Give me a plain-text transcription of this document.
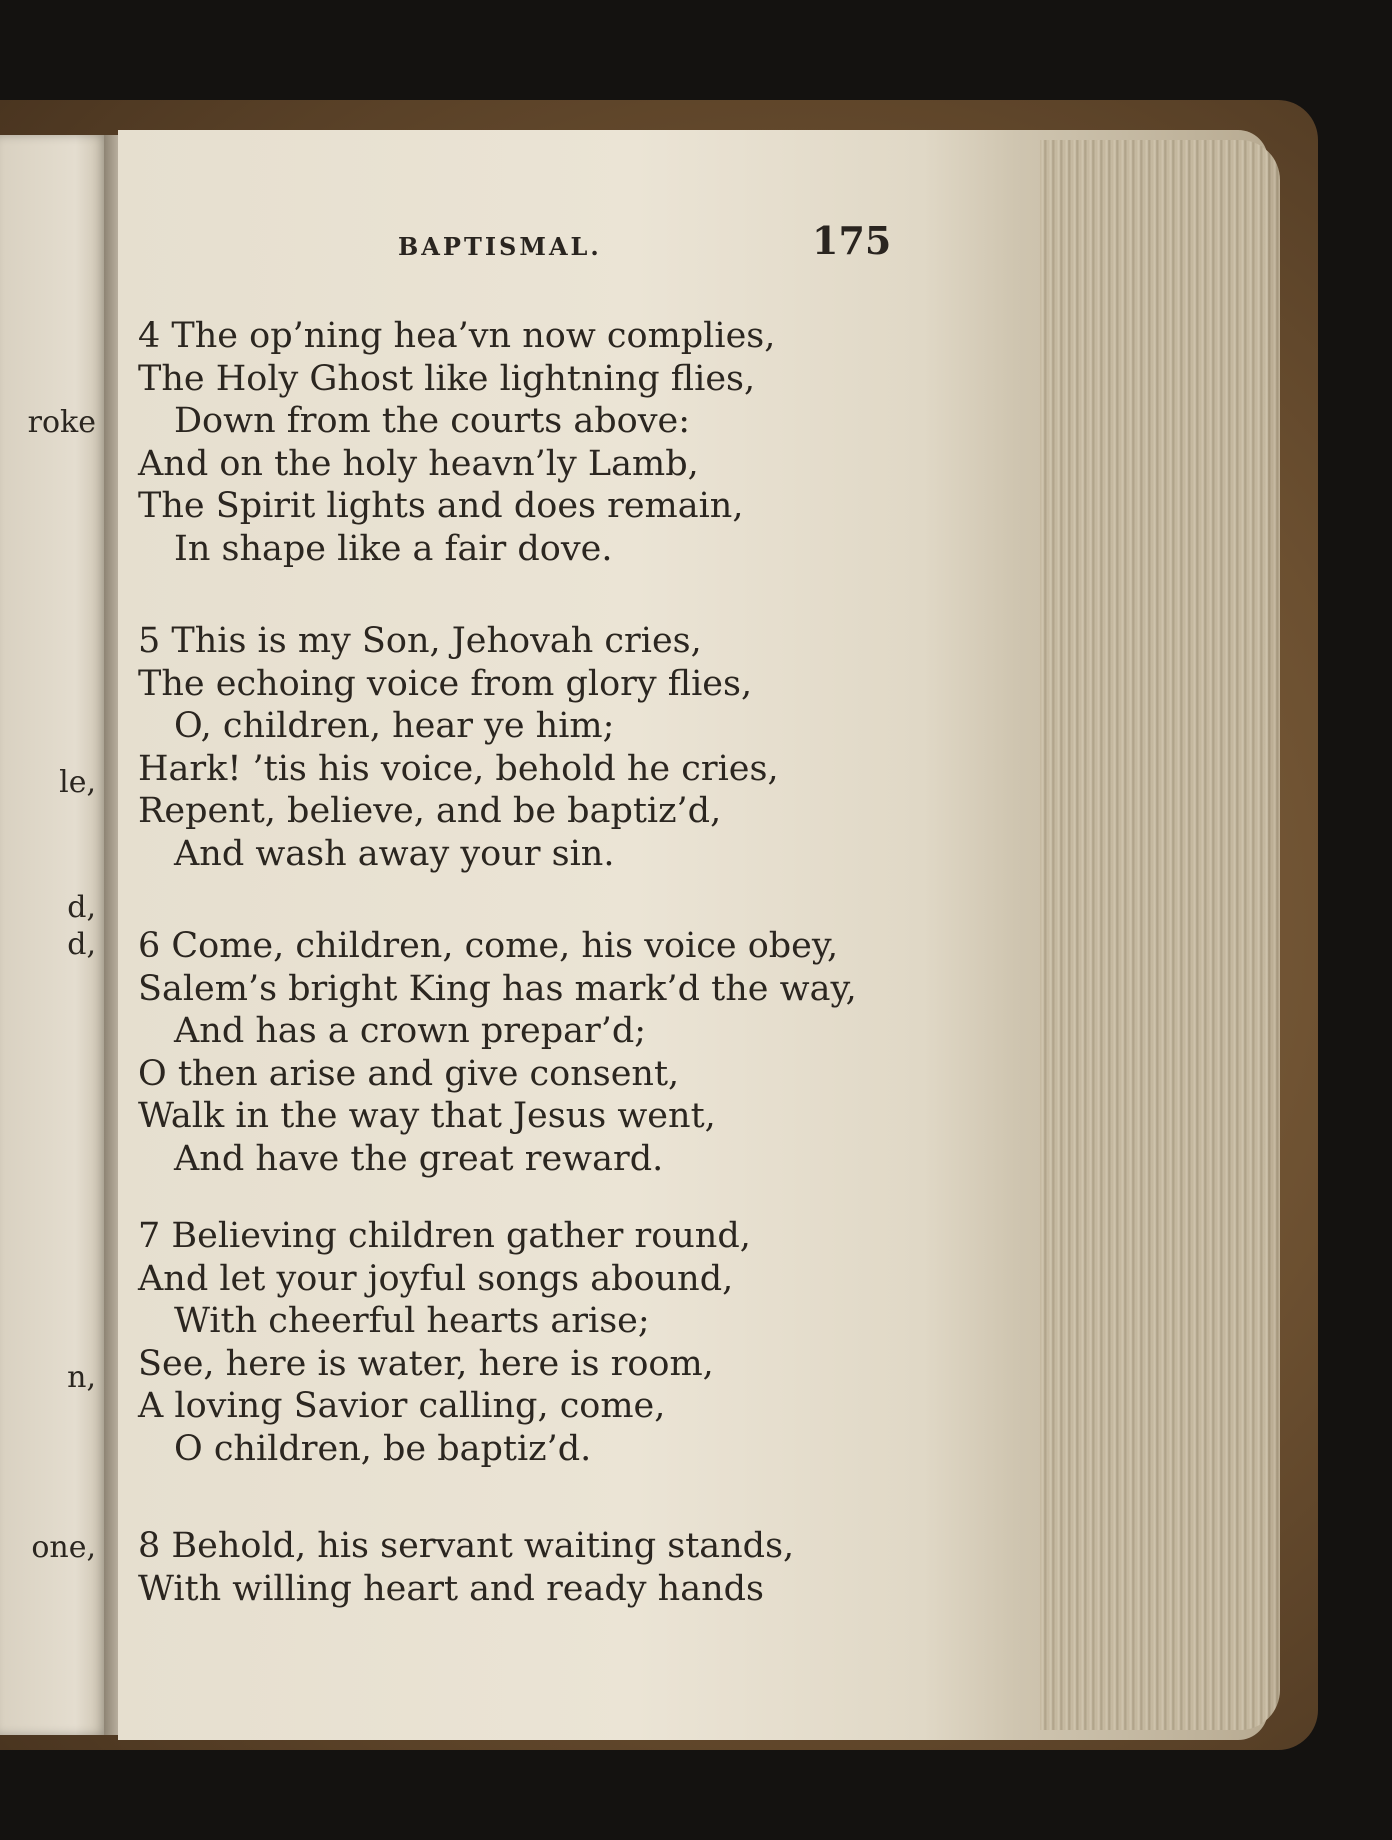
roke
le,
d,
d,
n,
one,
BAPTISMAL.	175
4 The op’ning hea’vn now complies,
The Holy Ghost like lightning flies,
Down from the courts above:
And on the holy heavn’ly Lamb,
The Spirit lights and does remain,
In shape like a fair dove.
5 This is my Son, Jehovah cries,
The echoing voice from glory flies,
O, children, hear ye him;
Hark! ’tis his voice, behold he cries,
Repent, believe, and be baptiz’d,
And wash away your sin.
6 Come, children, come, his voice obey,
Salem’s bright King has mark’d the way,
And has a crown prepar’d;
O then arise and give consent,
Walk in the way that Jesus went,
And have the great reward.
7 Believing children gather round,
And let your joyful songs abound,
With cheerful hearts arise;
See, here is water, here is room,
A loving Savior calling, come,
O children, be baptiz’d.
8 Behold, his servant waiting stands,
With willing heart and ready hands
